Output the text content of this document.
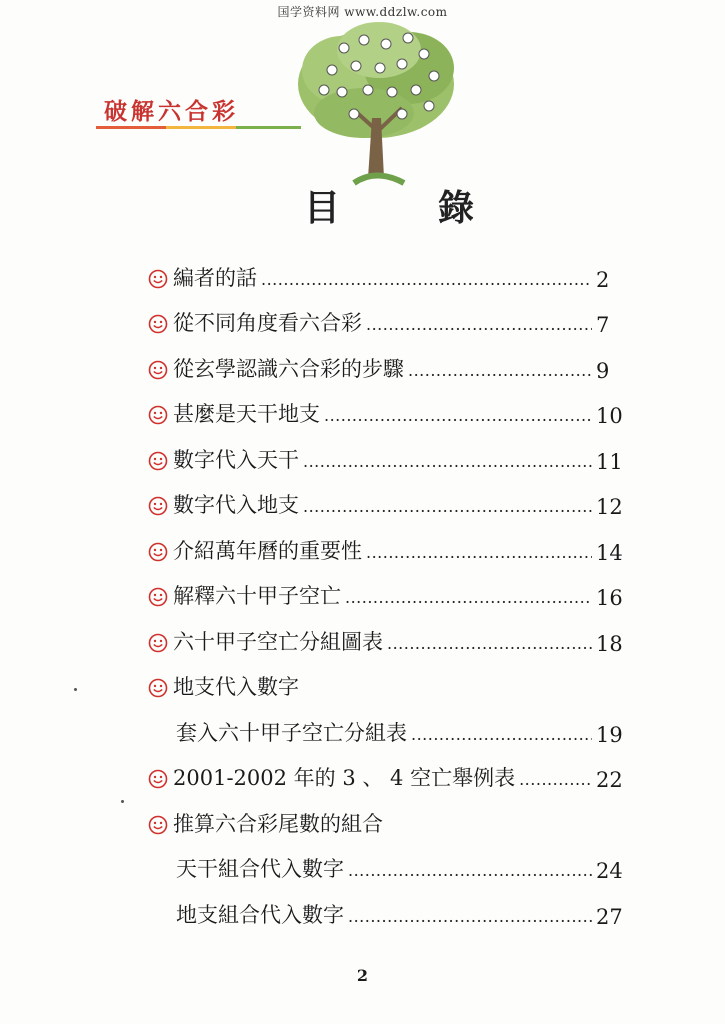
国学资料网 www.ddzlw.com
破解六合彩
目	錄
編者的話 .....	2
從不同角度看六合彩 .....	7
從玄學認識六合彩的步驟 .....	9
甚麼是天干地支 .....	10
數字代入天干 .....	11
數字代入地支 .....	12
介紹萬年曆的重要性 .....	14
解釋六十甲子空亡 .....	16
六十甲子空亡分組圖表 .....	18
地支代入數字
套入六十甲子空亡分組表 .....	19
2001-2002 年的 3 、 4 空亡舉例表 .....	22
推算六合彩尾數的組合
天干組合代入數字 .....	24
地支組合代入數字 .....	27
2
